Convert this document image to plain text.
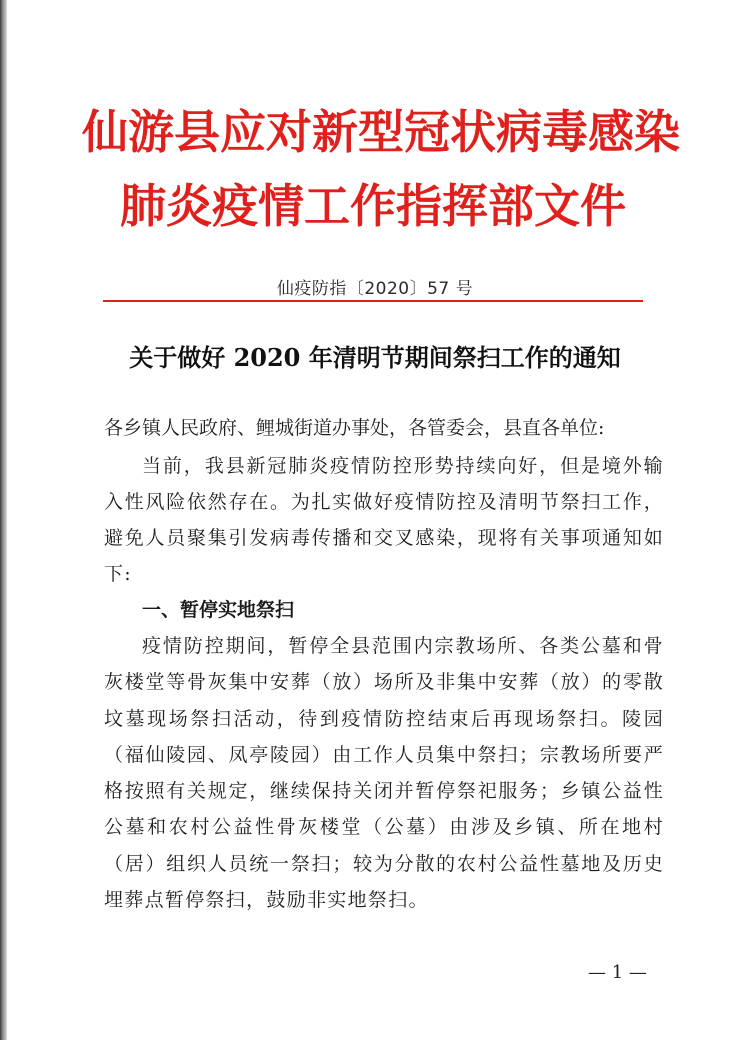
仙游县应对新型冠状病毒感染
肺炎疫情工作指挥部文件
仙疫防指〔2020〕57 号
关于做好 2020 年清明节期间祭扫工作的通知
各乡镇人民政府、鲤城街道办事处，各管委会，县直各单位:

当前，我县新冠肺炎疫情防控形势持续向好，但是境外输入性风险依然存在。为扎实做好疫情防控及清明节祭扫工作，避免人员聚集引发病毒传播和交叉感染，现将有关事项通知如下:

一、暂停实地祭扫

疫情防控期间，暂停全县范围内宗教场所、各类公墓和骨灰楼堂等骨灰集中安葬（放）场所及非集中安葬（放）的零散坟墓现场祭扫活动，待到疫情防控结束后再现场祭扫。陵园（福仙陵园、凤亭陵园）由工作人员集中祭扫；宗教场所要严格按照有关规定，继续保持关闭并暂停祭祀服务；乡镇公益性公墓和农村公益性骨灰楼堂（公墓）由涉及乡镇、所在地村（居）组织人员统一祭扫；较为分散的农村公益性墓地及历史埋葬点暂停祭扫，鼓励非实地祭扫。

— 1 —
